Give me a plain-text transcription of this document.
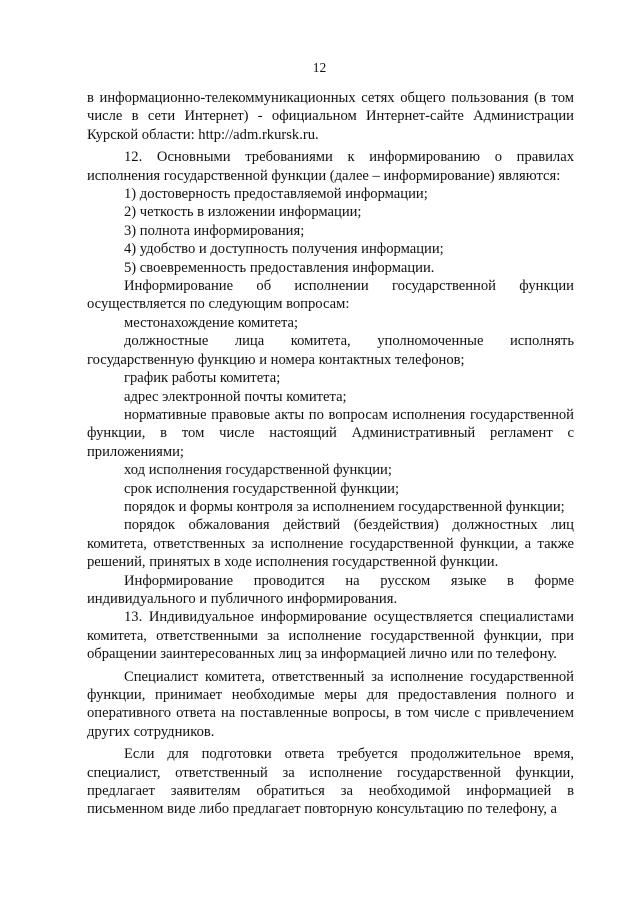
12

в информационно-телекоммуникационных сетях общего пользования (в том числе в сети Интернет) - официальном Интернет-сайте Администрации Курской области: http://adm.rkursk.ru.

12. Основными требованиями к информированию о правилах исполнения государственной функции (далее – информирование) являются:

1) достоверность предоставляемой информации;

2) четкость в изложении информации;

3) полнота информирования;

4) удобство и доступность получения информации;

5) своевременность предоставления информации.

Информирование об исполнении государственной функции осуществляется по следующим вопросам:

местонахождение комитета;

должностные лица комитета, уполномоченные исполнять государственную функцию и номера контактных телефонов;

график работы комитета;

адрес электронной почты комитета;

нормативные правовые акты по вопросам исполнения государственной функции, в том числе настоящий Административный регламент с приложениями;

ход исполнения государственной функции;

срок исполнения государственной функции;

порядок и формы контроля за исполнением государственной функции;

порядок обжалования действий (бездействия) должностных лиц комитета, ответственных за исполнение государственной функции, а также решений, принятых в ходе исполнения государственной функции.

Информирование проводится на русском языке в форме индивидуального и публичного информирования.

13. Индивидуальное информирование осуществляется специалистами комитета, ответственными за исполнение государственной функции, при обращении заинтересованных лиц за информацией лично или по телефону.

Специалист комитета, ответственный за исполнение государственной функции, принимает необходимые меры для предоставления полного и оперативного ответа на поставленные вопросы, в том числе с привлечением других сотрудников.

Если для подготовки ответа требуется продолжительное время, специалист, ответственный за исполнение государственной функции, предлагает заявителям обратиться за необходимой информацией в письменном виде либо предлагает повторную консультацию по телефону, а
